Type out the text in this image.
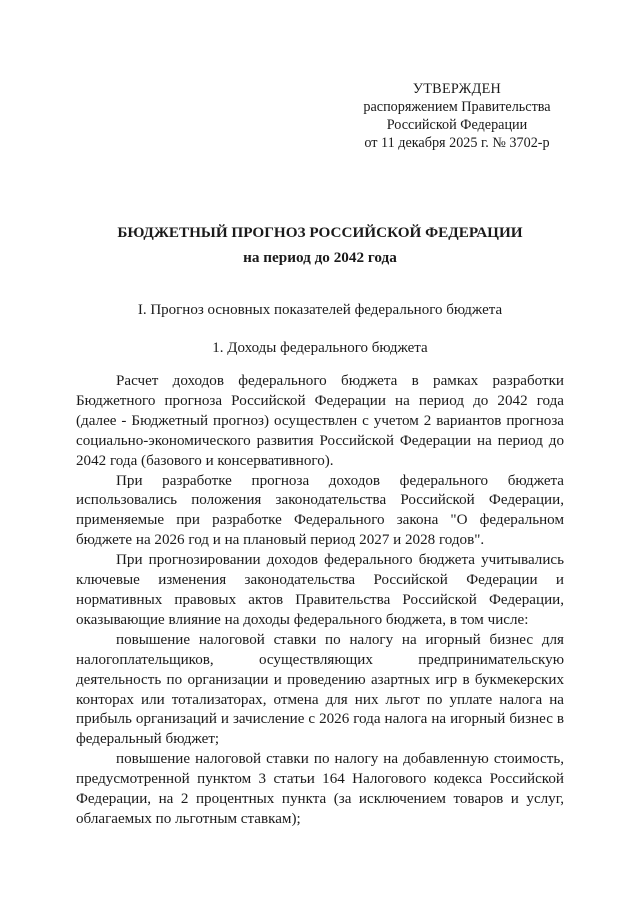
УТВЕРЖДЕН
распоряжением Правительства
Российской Федерации
от 11 декабря 2025 г. № 3702-р
БЮДЖЕТНЫЙ ПРОГНОЗ РОССИЙСКОЙ ФЕДЕРАЦИИ
на период до 2042 года
I. Прогноз основных показателей федерального бюджета
1. Доходы федерального бюджета

Расчет доходов федерального бюджета в рамках разработки Бюджетного прогноза Российской Федерации на период до 2042 года (далее - Бюджетный прогноз) осуществлен с учетом 2 вариантов прогноза социально-экономического развития Российской Федерации на период до 2042 года (базового и консервативного).

При разработке прогноза доходов федерального бюджета использовались положения законодательства Российской Федерации, применяемые при разработке Федерального закона "О федеральном бюджете на 2026 год и на плановый период 2027 и 2028 годов".

При прогнозировании доходов федерального бюджета учитывались ключевые изменения законодательства Российской Федерации и нормативных правовых актов Правительства Российской Федерации, оказывающие влияние на доходы федерального бюджета, в том числе:

повышение налоговой ставки по налогу на игорный бизнес для налогоплательщиков, осуществляющих предпринимательскую деятельность по организации и проведению азартных игр в букмекерских конторах или тотализаторах, отмена для них льгот по уплате налога на прибыль организаций и зачисление с 2026 года налога на игорный бизнес в федеральный бюджет;

повышение налоговой ставки по налогу на добавленную стоимость, предусмотренной пунктом 3 статьи 164 Налогового кодекса Российской Федерации, на 2 процентных пункта (за исключением товаров и услуг, облагаемых по льготным ставкам);
